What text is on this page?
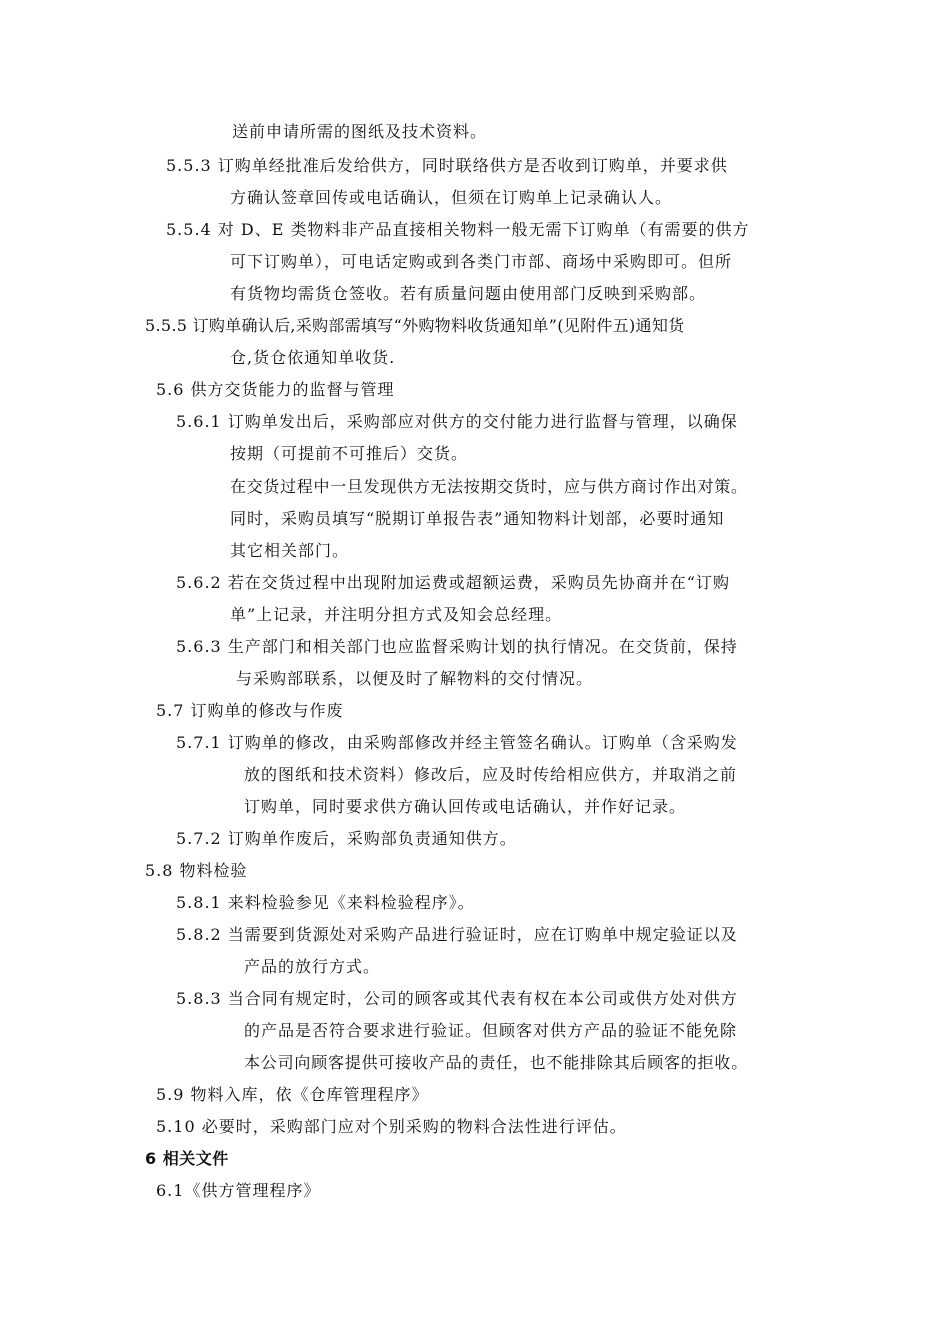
送前申请所需的图纸及技术资料。
5.5.3 订购单经批准后发给供方，同时联络供方是否收到订购单，并要求供
方确认签章回传或电话确认，但须在订购单上记录确认人。
5.5.4 对 D、E 类物料非产品直接相关物料一般无需下订购单（有需要的供方
可下订购单），可电话定购或到各类门市部、商场中采购即可。但所
有货物均需货仓签收。若有质量问题由使用部门反映到采购部。
5.5.5 订购单确认后,采购部需填写“外购物料收货通知单”(见附件五)通知货
仓,货仓依通知单收货.
5.6 供方交货能力的监督与管理
5.6.1 订购单发出后，采购部应对供方的交付能力进行监督与管理，以确保
按期（可提前不可推后）交货。
在交货过程中一旦发现供方无法按期交货时，应与供方商讨作出对策。
同时，采购员填写“脱期订单报告表”通知物料计划部，必要时通知
其它相关部门。
5.6.2 若在交货过程中出现附加运费或超额运费，采购员先协商并在“订购
单”上记录，并注明分担方式及知会总经理。
5.6.3 生产部门和相关部门也应监督采购计划的执行情况。在交货前，保持
与采购部联系，以便及时了解物料的交付情况。
5.7 订购单的修改与作废
5.7.1 订购单的修改，由采购部修改并经主管签名确认。订购单（含采购发
放的图纸和技术资料）修改后，应及时传给相应供方，并取消之前
订购单，同时要求供方确认回传或电话确认，并作好记录。
5.7.2 订购单作废后，采购部负责通知供方。
5.8 物料检验
5.8.1 来料检验参见《来料检验程序》。
5.8.2 当需要到货源处对采购产品进行验证时，应在订购单中规定验证以及
产品的放行方式。
5.8.3 当合同有规定时，公司的顾客或其代表有权在本公司或供方处对供方
的产品是否符合要求进行验证。但顾客对供方产品的验证不能免除
本公司向顾客提供可接收产品的责任，也不能排除其后顾客的拒收。
5.9 物料入库，依《仓库管理程序》
5.10 必要时，采购部门应对个别采购的物料合法性进行评估。
6 相关文件
6.1《供方管理程序》
